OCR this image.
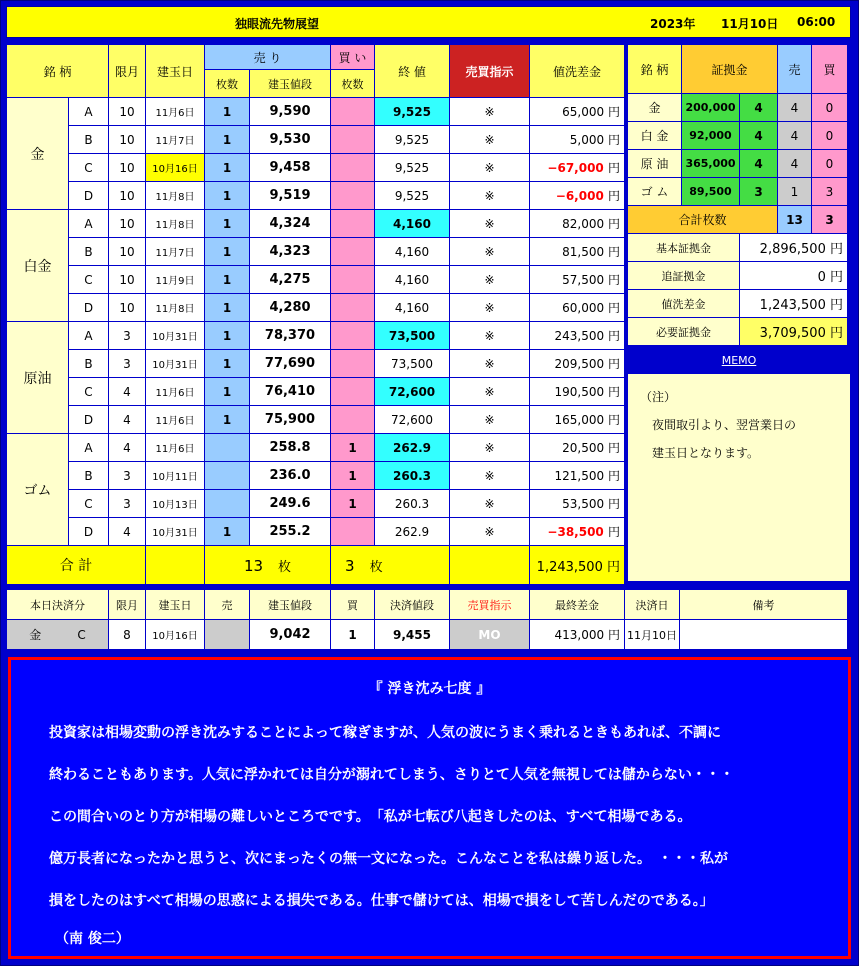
独眼流先物展望	2023年 11月10日 06:00
銘 柄		限月	建玉日	売 り		買 い	終 値	売買指示	値洗差金
				枚数	建玉値段	枚数			
金	A	10	11月6日	1	9,590		9,525	※	65,000 円
	B	10	11月7日	1	9,530		9,525	※	5,000 円
	C	10	10月16日	1	9,458		9,525	※	−67,000 円
	D	10	11月8日	1	9,519		9,525	※	−6,000 円
白金	A	10	11月8日	1	4,324		4,160	※	82,000 円
	B	10	11月7日	1	4,323		4,160	※	81,500 円
	C	10	11月9日	1	4,275		4,160	※	57,500 円
	D	10	11月8日	1	4,280		4,160	※	60,000 円
原油	A	3	10月31日	1	78,370		73,500	※	243,500 円
	B	3	10月31日	1	77,690		73,500	※	209,500 円
	C	4	11月6日	1	76,410		72,600	※	190,500 円
	D	4	11月6日	1	75,900		72,600	※	165,000 円
ゴム	A	4	11月6日		258.8	1	262.9	※	20,500 円
	B	3	10月11日		236.0	1	260.3	※	121,500 円
	C	3	10月13日		249.6	1	260.3	※	53,500 円
	D	4	10月31日	1	255.2		262.9	※	−38,500 円
合 計				13　 枚		3　 枚			1,243,500 円
銘 柄	証拠金		売	買
金	200,000	4	4	0
白 金	92,000	4	4	0
原 油	365,000	4	4	0
ゴ ム	89,500	3	1	3
合計枚数			13	3
基本証拠金		2,896,500 円		
追証拠金		0 円		
値洗差金		1,243,500 円		
必要証拠金		3,709,500 円		
（注）
　夜間取引より、翌営業日の
　建玉日となります。
MEMO
本日決済分	限月	建玉日	売	建玉値段	買	決済値段	売買指示	最終差金	決済日	備考
金　　　 C	8	10月16日		9,042	1	9,455	MO	413,000 円	11月10日	
『 浮き沈み七度 』
投資家は相場変動の浮き沈みすることによって稼ぎますが、人気の波にうまく乗れるときもあれば、不調に
終わることもあります。人気に浮かれては自分が溺れてしまう、さりとて人気を無視しては儲からない・・・
この間合いのとり方が相場の難しいところでです。　「私が七転び八起きしたのは、すべて相場である。
億万長者になったかと思うと、次にまったくの無一文になった。こんなことを私は繰り返した。　・・・私が
損をしたのはすべて相場の思惑による損失である。仕事で儲けては、相場で損をして苦しんだのである。」
（南 俊二）
